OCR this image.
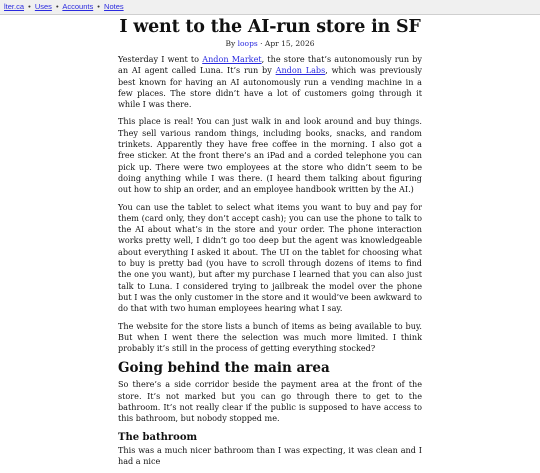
lter.ca • Uses • Accounts • Notes
I went to the AI-run store in SF
By loops · Apr 15, 2026

Yesterday I went to Andon Market, the store that’s autonomously run by an AI agent called Luna. It’s run by Andon Labs, which was previously best known for having an AI autonomously run a vending machine in a few places. The store didn’t have a lot of customers going through it while I was there.

This place is real! You can just walk in and look around and buy things. They sell various random things, including books, snacks, and random trinkets. Apparently they have free coffee in the morning. I also got a free sticker. At the front there’s an iPad and a corded telephone you can pick up. There were two employees at the store who didn’t seem to be doing anything while I was there. (I heard them talking about figuring out how to ship an order, and an employee handbook written by the AI.)

You can use the tablet to select what items you want to buy and pay for them (card only, they don’t accept cash); you can use the phone to talk to the AI about what’s in the store and your order. The phone interaction works pretty well, I didn’t go too deep but the agent was knowledgeable about everything I asked it about. The UI on the tablet for choosing what to buy is pretty bad (you have to scroll through dozens of items to find the one you want), but after my purchase I learned that you can also just talk to Luna. I considered trying to jailbreak the model over the phone but I was the only customer in the store and it would’ve been awkward to do that with two human employees hearing what I say.

The website for the store lists a bunch of items as being available to buy. But when I went there the selection was much more limited. I think probably it’s still in the process of getting everything stocked?

Going behind the main area

So there’s a side corridor beside the payment area at the front of the store. It’s not marked but you can go through there to get to the bathroom. It’s not really clear if the public is supposed to have access to this bathroom, but nobody stopped me.

The bathroom

This was a much nicer bathroom than I was expecting, it was clean and I had a nice
